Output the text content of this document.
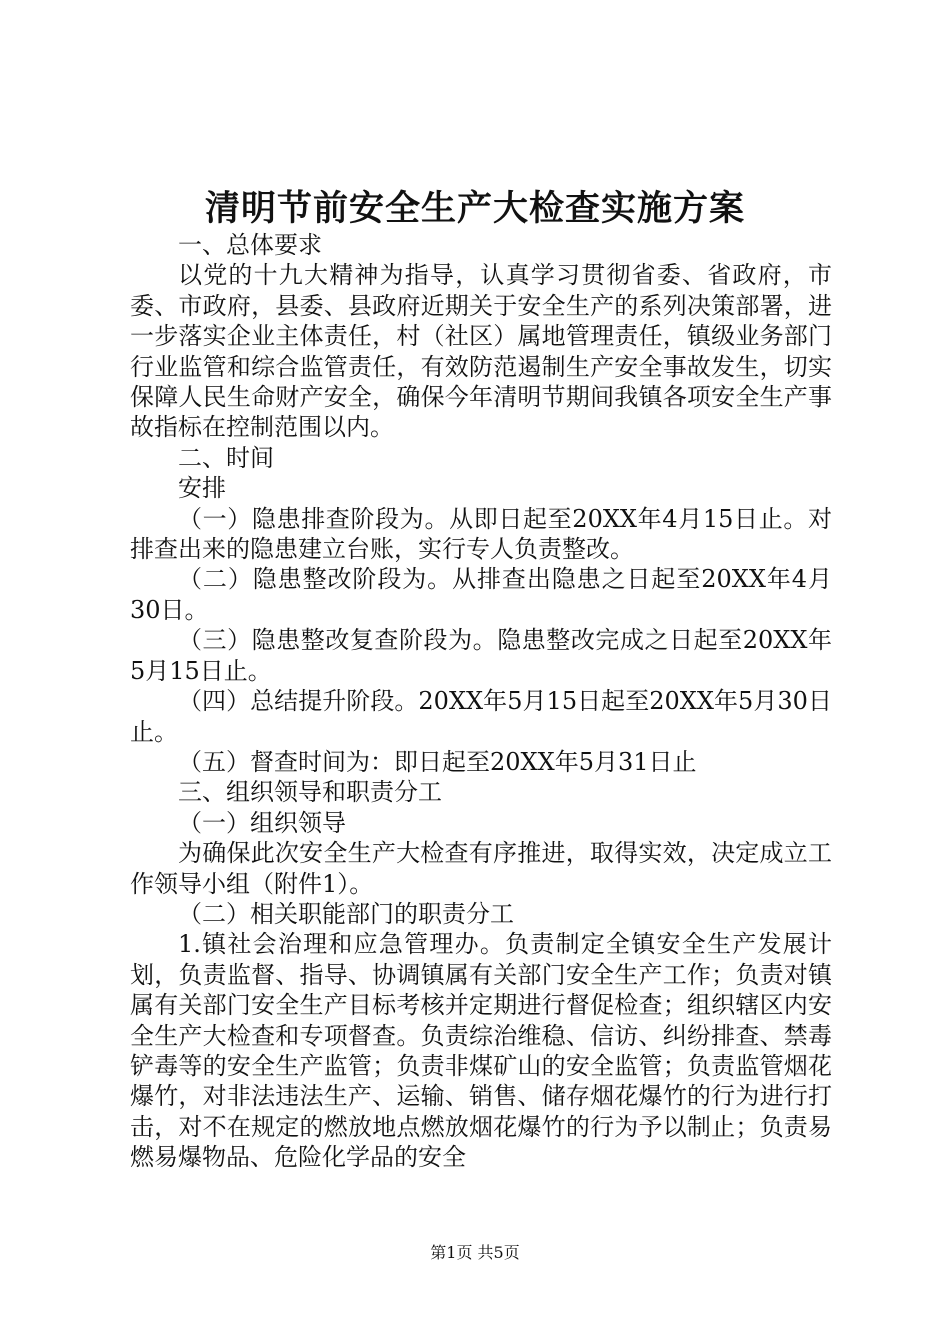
清明节前安全生产大检查实施方案

一、总体要求

以党的十九大精神为指导，认真学习贯彻省委、省政府，市委、市政府，县委、县政府近期关于安全生产的系列决策部署，进一步落实企业主体责任，村（社区）属地管理责任，镇级业务部门行业监管和综合监管责任，有效防范遏制生产安全事故发生，切实保障人民生命财产安全，确保今年清明节期间我镇各项安全生产事故指标在控制范围以内。

二、时间

安排

（一）隐患排查阶段为。从即日起至20XX年4月15日止。对排查出来的隐患建立台账，实行专人负责整改。

（二）隐患整改阶段为。从排查出隐患之日起至20XX年4月30日。

（三）隐患整改复查阶段为。隐患整改完成之日起至20XX年5月15日止。

（四）总结提升阶段。20XX年5月15日起至20XX年5月30日止。

（五）督查时间为：即日起至20XX年5月31日止

三、组织领导和职责分工

（一）组织领导

为确保此次安全生产大检查有序推进，取得实效，决定成立工作领导小组（附件1）。

（二）相关职能部门的职责分工

1.镇社会治理和应急管理办。负责制定全镇安全生产发展计划，负责监督、指导、协调镇属有关部门安全生产工作；负责对镇属有关部门安全生产目标考核并定期进行督促检查；组织辖区内安全生产大检查和专项督查。负责综治维稳、信访、纠纷排查、禁毒铲毒等的安全生产监管；负责非煤矿山的安全监管；负责监管烟花爆竹，对非法违法生产、运输、销售、储存烟花爆竹的行为进行打击，对不在规定的燃放地点燃放烟花爆竹的行为予以制止；负责易燃易爆物品、危险化学品的安全

第1页 共5页
